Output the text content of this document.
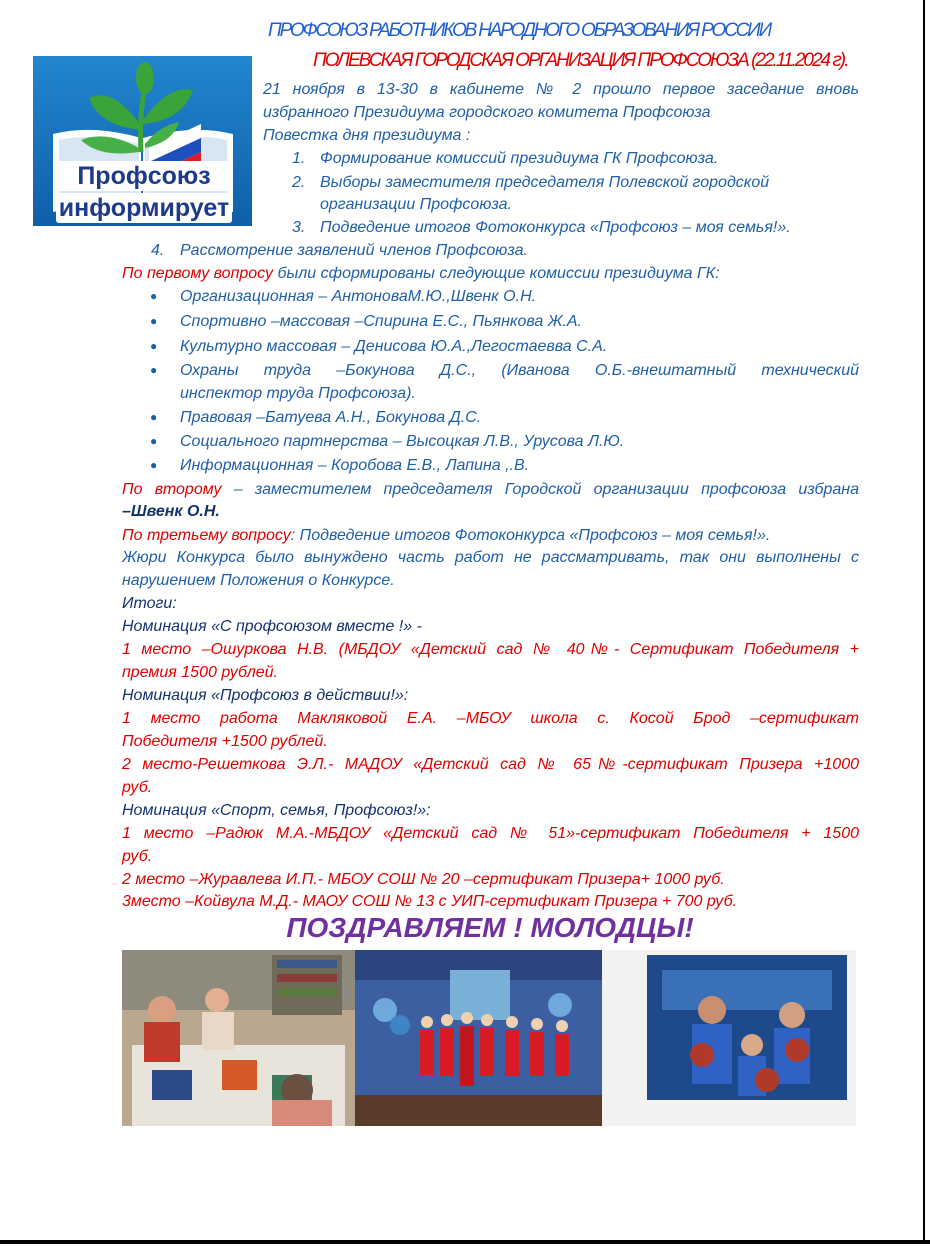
ПРОФСОЮЗ РАБОТНИКОВ НАРОДНОГО ОБРАЗОВАНИЯ РОССИИ
ПОЛЕВСКАЯ ГОРОДСКАЯ ОРГАНИЗАЦИЯ ПРОФСОЮЗА (22.11.2024 г).
Профсоюз
информирует
21 ноября в 13-30 в кабинете № 2 прошло первое заседание вновь
избранного Президиума городского комитета Профсоюза
Повестка дня президиума :
1. Формирование комиссий президиума ГК Профсоюза.
2. Выборы заместителя председателя Полевской городской
организации Профсоюза.
3. Подведение итогов Фотоконкурса «Профсоюз – моя семья!».
4. Рассмотрение заявлений членов Профсоюза.
По первому вопросу были сформированы следующие комиссии президиума ГК:
● Организационная – АнтоноваМ.Ю.,Швенк О.Н.
● Спортивно –массовая –Спирина Е.С., Пьянкова Ж.А.
● Культурно массовая – Денисова Ю.А.,Легостаевва С.А.
● Охраны труда –Бокунова Д.С., (Иванова О.Б.-внештатный технический
инспектор труда Профсоюза).
● Правовая –Батуева А.Н., Бокунова Д.С.
● Социального партнерства – Высоцкая Л.В., Урусова Л.Ю.
● Информационная – Коробова Е.В., Лапина ,.В.
По второму – заместителем председателя Городской организации профсоюза избрана
–Швенк О.Н.
По третьему вопросу: Подведение итогов Фотоконкурса «Профсоюз – моя семья!».
Жюри Конкурса было вынуждено часть работ не рассматривать, так они выполнены с
нарушением Положения о Конкурсе.
Итоги:
Номинация «С профсоюзом вместе !» -
1 место –Ошуркова Н.В. (МБДОУ «Детский сад № 40№- Сертификат Победителя +
премия 1500 рублей.
Номинация «Профсоюз в действии!»:
1 место работа Макляковой Е.А. –МБОУ школа с. Косой Брод –сертификат
Победителя +1500 рублей.
2 место-Решеткова Э.Л.- МАДОУ «Детский сад № 65№-сертификат Призера +1000
руб.
Номинация «Спорт, семья, Профсоюз!»:
1 место –Радюк М.А.-МБДОУ «Детский сад № 51»-сертификат Победителя + 1500
руб.
2 место –Журавлева И.П.- МБОУ СОШ № 20 –сертификат Призера+ 1000 руб.
3место –Койвула М.Д.- МАОУ СОШ № 13 с УИП-сертификат Призера + 700 руб.
ПОЗДРАВЛЯЕМ ! МОЛОДЦЫ!
